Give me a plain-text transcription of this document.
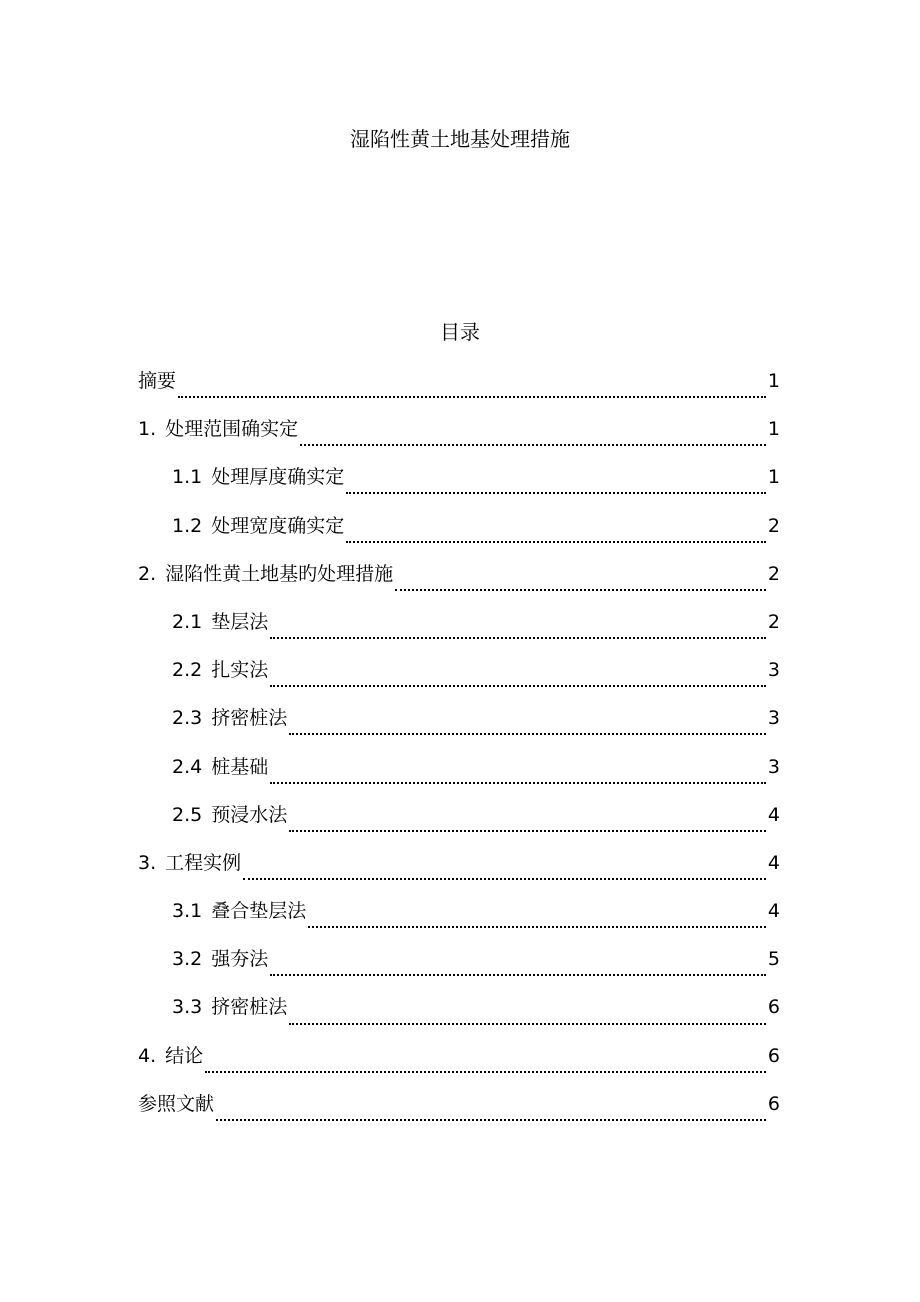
湿陷性黄土地基处理措施
目录
摘要	1
1. 处理范围确实定	1
1.1 处理厚度确实定	1
1.2 处理宽度确实定	2
2. 湿陷性黄土地基旳处理措施	2
2.1 垫层法	2
2.2 扎实法	3
2.3 挤密桩法	3
2.4 桩基础	3
2.5 预浸水法	4
3. 工程实例	4
3.1 叠合垫层法	4
3.2 强夯法	5
3.3 挤密桩法	6
4. 结论	6
参照文献	6
